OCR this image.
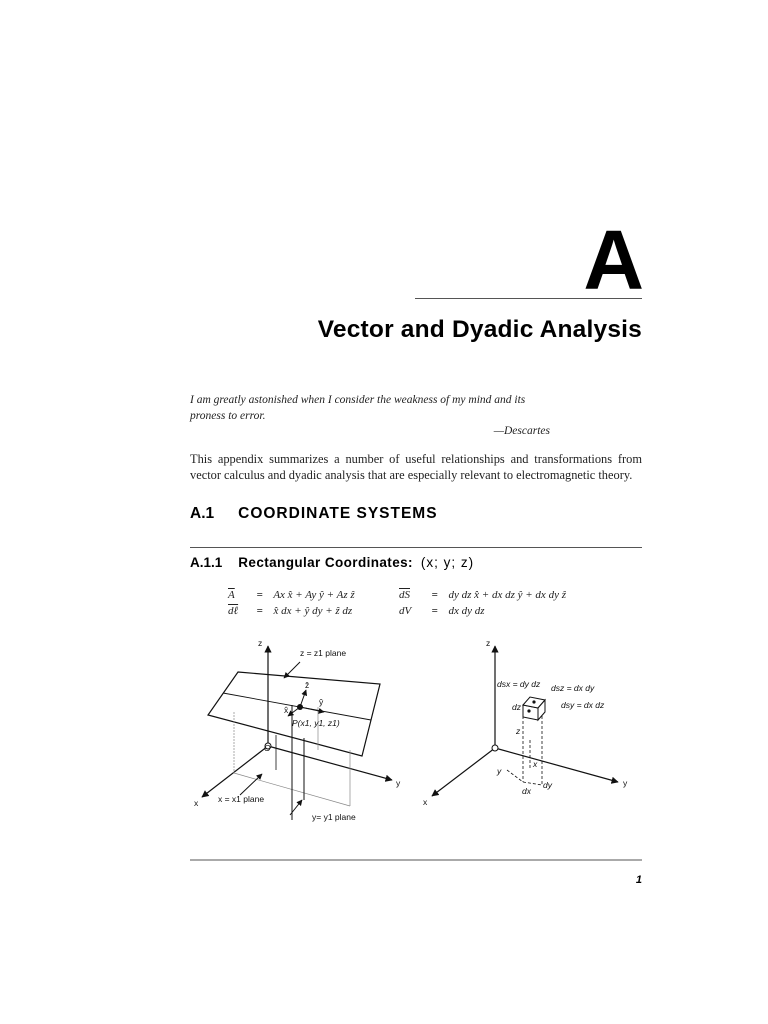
A
Vector and Dyadic Analysis
I am greatly astonished when I consider the weakness of my mind and its proness to error.
—Descartes
This appendix summarizes a number of useful relationships and transformations from vector calculus and dyadic analysis that are especially relevant to electromagnetic theory.
A.1 COORDINATE SYSTEMS
A.1.1 Rectangular Coordinates: (x; y; z)
$\overline{A} = Ax$ x̂ + Ay ŷ + Az ẑ
dℓ = x̂ dx + ŷ dy + ẑ dz
$\overline{dS}$ = dy dz x̂ + dx dz ŷ + dx dy ẑ
dV = dx dy dz
z
x
y
O
z = z1 plane
x = x1 plane
y= y1 plane
P(x1, y1, z1)
ẑ
ŷ
x̂
z
x
y
dsx = dy dz dsz = dx dy
dsy = dx dz
dz
dx
dy
z
y
x
1
